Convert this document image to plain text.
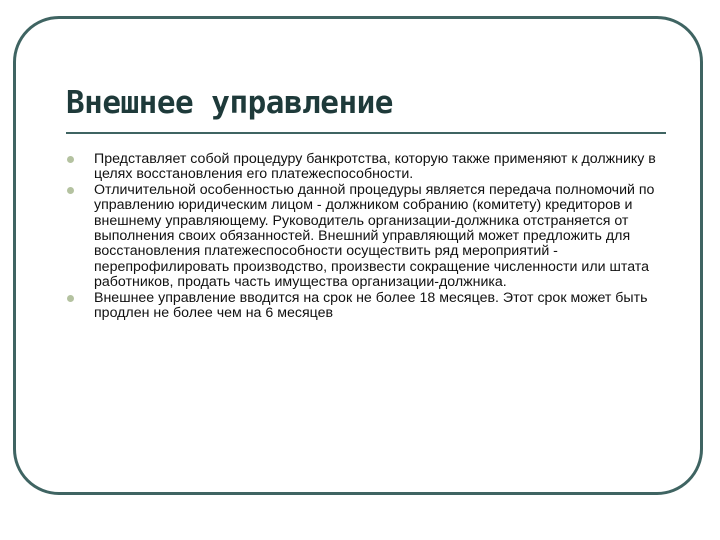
Внешнее управление
Представляет собой процедуру банкротства, которую также применяют к должнику в целях восстановления его платежеспособности.
Отличительной особенностью данной процедуры является передача полномочий по управлению юридическим лицом - должником собранию (комитету) кредиторов и внешнему управляющему. Руководитель организации-должника отстраняется от выполнения своих обязанностей. Внешний управляющий может предложить для восстановления платежеспособности осуществить ряд мероприятий - перепрофилировать производство, произвести сокращение численности или штата работников, продать часть имущества организации-должника.
Внешнее управление вводится на срок не более 18 месяцев. Этот срок может быть продлен не более чем на 6 месяцев
